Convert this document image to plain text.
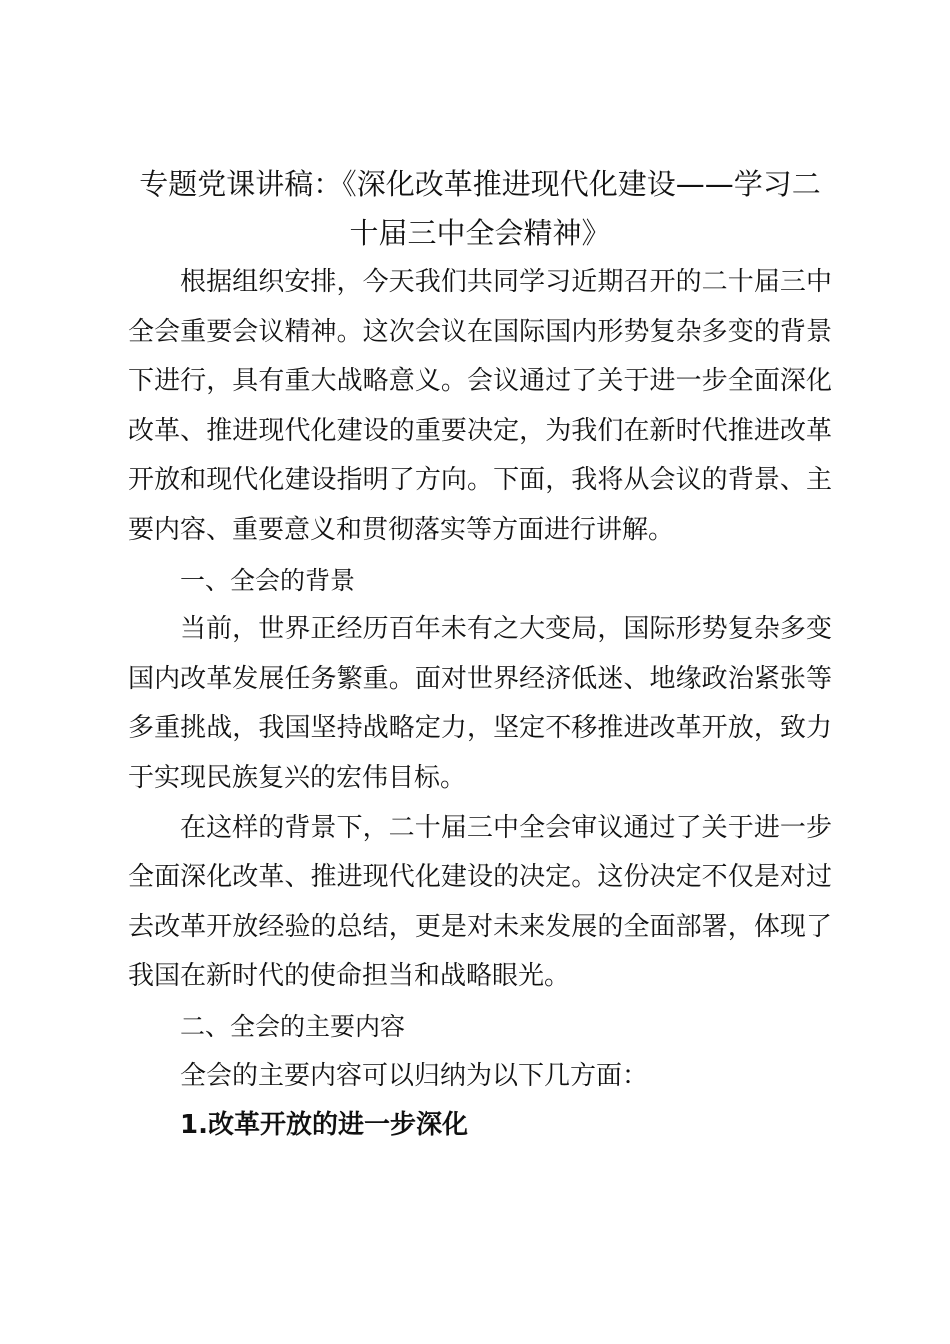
专题党课讲稿：《深化改革推进现代化建设——学习二十届三中全会精神》

根据组织安排，今天我们共同学习近期召开的二十届三中全会重要会议精神。这次会议在国际国内形势复杂多变的背景下进行，具有重大战略意义。会议通过了关于进一步全面深化改革、推进现代化建设的重要决定，为我们在新时代推进改革开放和现代化建设指明了方向。下面，我将从会议的背景、主要内容、重要意义和贯彻落实等方面进行讲解。

一、全会的背景

当前，世界正经历百年未有之大变局，国际形势复杂多变国内改革发展任务繁重。面对世界经济低迷、地缘政治紧张等多重挑战，我国坚持战略定力，坚定不移推进改革开放，致力于实现民族复兴的宏伟目标。

在这样的背景下，二十届三中全会审议通过了关于进一步全面深化改革、推进现代化建设的决定。这份决定不仅是对过去改革开放经验的总结，更是对未来发展的全面部署，体现了我国在新时代的使命担当和战略眼光。

二、全会的主要内容

全会的主要内容可以归纳为以下几方面：

1.改革开放的进一步深化
